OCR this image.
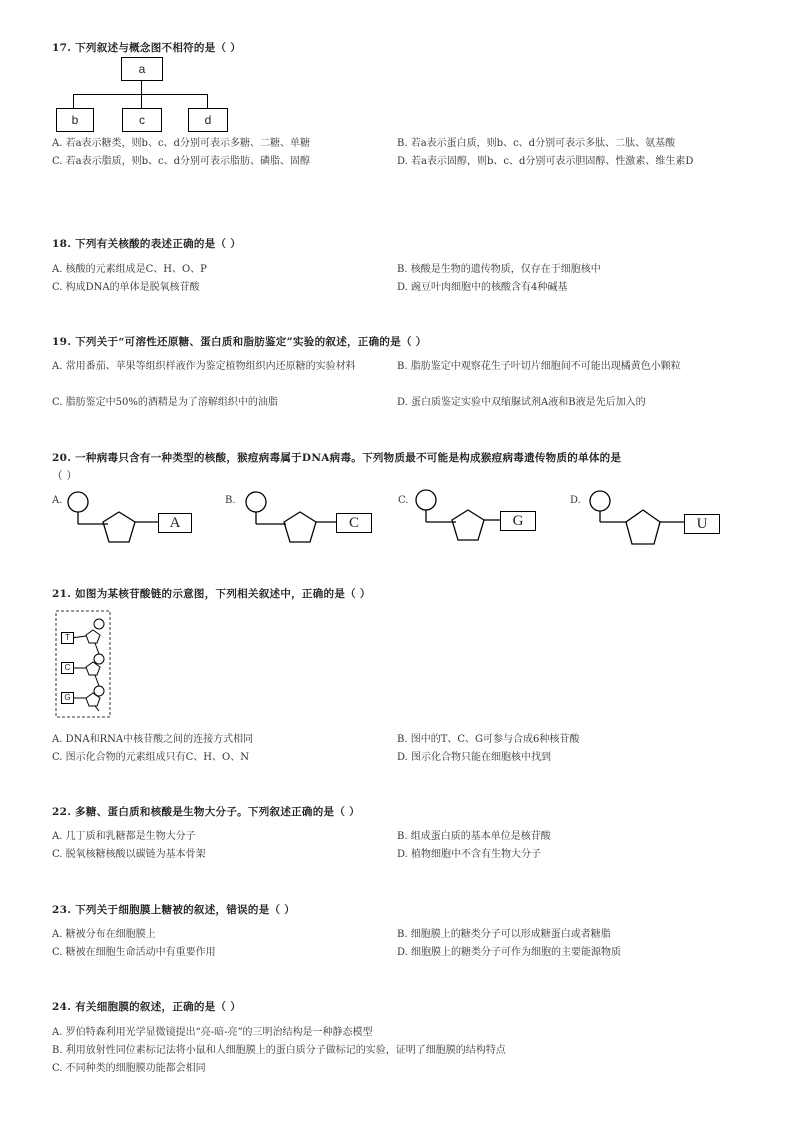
17. 下列叙述与概念图不相符的是（ ）
a
b	c	d
A. 若a表示糖类，则b、c、d分别可表示多糖、二糖、单糖	B. 若a表示蛋白质，则b、c、d分别可表示多肽、二肽、氨基酸
C. 若a表示脂质，则b、c、d分别可表示脂肪、磷脂、固醇	D. 若a表示固醇，则b、c、d分别可表示胆固醇、性激素、维生素D
18. 下列有关核酸的表述正确的是（ ）
A. 核酸的元素组成是C、H、O、P	B. 核酸是生物的遗传物质，仅存在于细胞核中
C. 构成DNA的单体是脱氧核苷酸	D. 豌豆叶肉细胞中的核酸含有4种碱基
19. 下列关于“可溶性还原糖、蛋白质和脂肪鉴定”实验的叙述，正确的是（ ）
A. 常用番茄、苹果等组织样液作为鉴定植物组织内还原糖的实验材料	B. 脂肪鉴定中观察花生子叶切片细胞间不可能出现橘黄色小颗粒
C. 脂肪鉴定中50%的酒精是为了溶解组织中的油脂	D. 蛋白质鉴定实验中双缩脲试剂A液和B液是先后加入的
20. 一种病毒只含有一种类型的核酸，猴痘病毒属于DNA病毒。下列物质最不可能是构成猴痘病毒遗传物质的单体的是
（ ）
A.
A
B.
C
C.
G
D.
U
21. 如图为某核苷酸链的示意图，下列相关叙述中，正确的是（ ）
T
C
G
A. DNA和RNA中核苷酸之间的连接方式相同	B. 图中的T、C、G可参与合成6种核苷酸
C. 图示化合物的元素组成只有C、H、O、N	D. 图示化合物只能在细胞核中找到
22. 多糖、蛋白质和核酸是生物大分子。下列叙述正确的是（ ）
A. 几丁质和乳糖都是生物大分子	B. 组成蛋白质的基本单位是核苷酸
C. 脱氧核糖核酸以碳链为基本骨架	D. 植物细胞中不含有生物大分子
23. 下列关于细胞膜上糖被的叙述，错误的是（ ）
A. 糖被分布在细胞膜上	B. 细胞膜上的糖类分子可以形成糖蛋白或者糖脂
C. 糖被在细胞生命活动中有重要作用	D. 细胞膜上的糖类分子可作为细胞的主要能源物质
24. 有关细胞膜的叙述，正确的是（ ）
A. 罗伯特森利用光学显微镜提出“亮-暗-亮”的三明治结构是一种静态模型
B. 利用放射性同位素标记法将小鼠和人细胞膜上的蛋白质分子做标记的实验，证明了细胞膜的结构特点
C. 不同种类的细胞膜功能都会相同
